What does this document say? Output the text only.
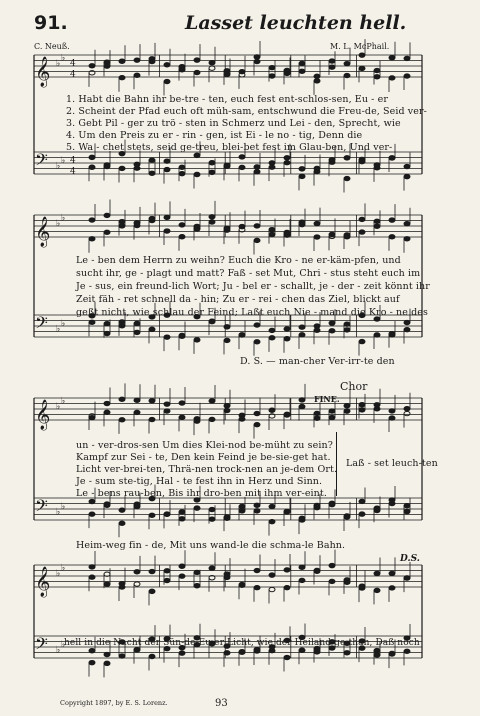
91.	Lasset leuchten hell.
C. Neuß.	M. L. McPhail.
𝄞
𝄢
♭
♭
♭
♭
4
4
4
4
𝄞
𝄢
♭
♭
♭
♭
𝄞
𝄢
♭
♭
♭
♭
𝄞
𝄢
♭
♭
♭
♭
1. Habt die Bahn ihr be-tre - ten, euch fest ent-schlos-sen, Eu - er
2. Scheint der Pfad euch oft müh-sam, entschwund die Freu-de, Seid ver-
3. Gebt Pil - ger zu trö - sten in Schmerz und Lei - den, Sprecht, wie
4. Um den Preis zu er - rin - gen, ist Ei - le no - tig, Denn die
5. Wa - chet stets, seid ge-treu, blei-bet fest im Glau-ben, Und ver-
Le - ben dem Herrn zu weihn? Euch die Kro - ne er-käm-pfen, und
sucht ihr, ge - plagt und matt? Faß - set Mut, Chri - stus steht euch im
Je - sus, ein freund-lich Wort; Ju - bel er - schallt, je - der - zeit könnt ihr
Zeit fäh - ret schnell da - hin; Zu er - rei - chen das Ziel, blickt auf
geßt nicht, wie schlau der Feind; Laßt euch Nie - mand die Kro - ne des
D. S. — man-cher Ver-irr-te den
Chor
FINE.
un - ver-dros-sen Um dies Klei-nod be-müht zu sein?
Kampf zur Sei - te, Den kein Feind je be-sie-get hat.
Licht ver-brei-ten, Thrä-nen trock-nen an je-dem Ort.
Je - sum ste-tig, Hal - te fest ihn in Herz und Sinn.
Le - bens rau-ben, Bis ihr dro-ben mit ihm ver-eint.
Laß - set leuch-ten
Heim-weg fin - de, Mit uns wand-le die schma-le Bahn.
D.S.
hell in die Nacht der Sün-de Eu-er Licht, wie der Heiland ge-than, Daß noch
Copyright 1897, by E. S. Lorenz.	93
